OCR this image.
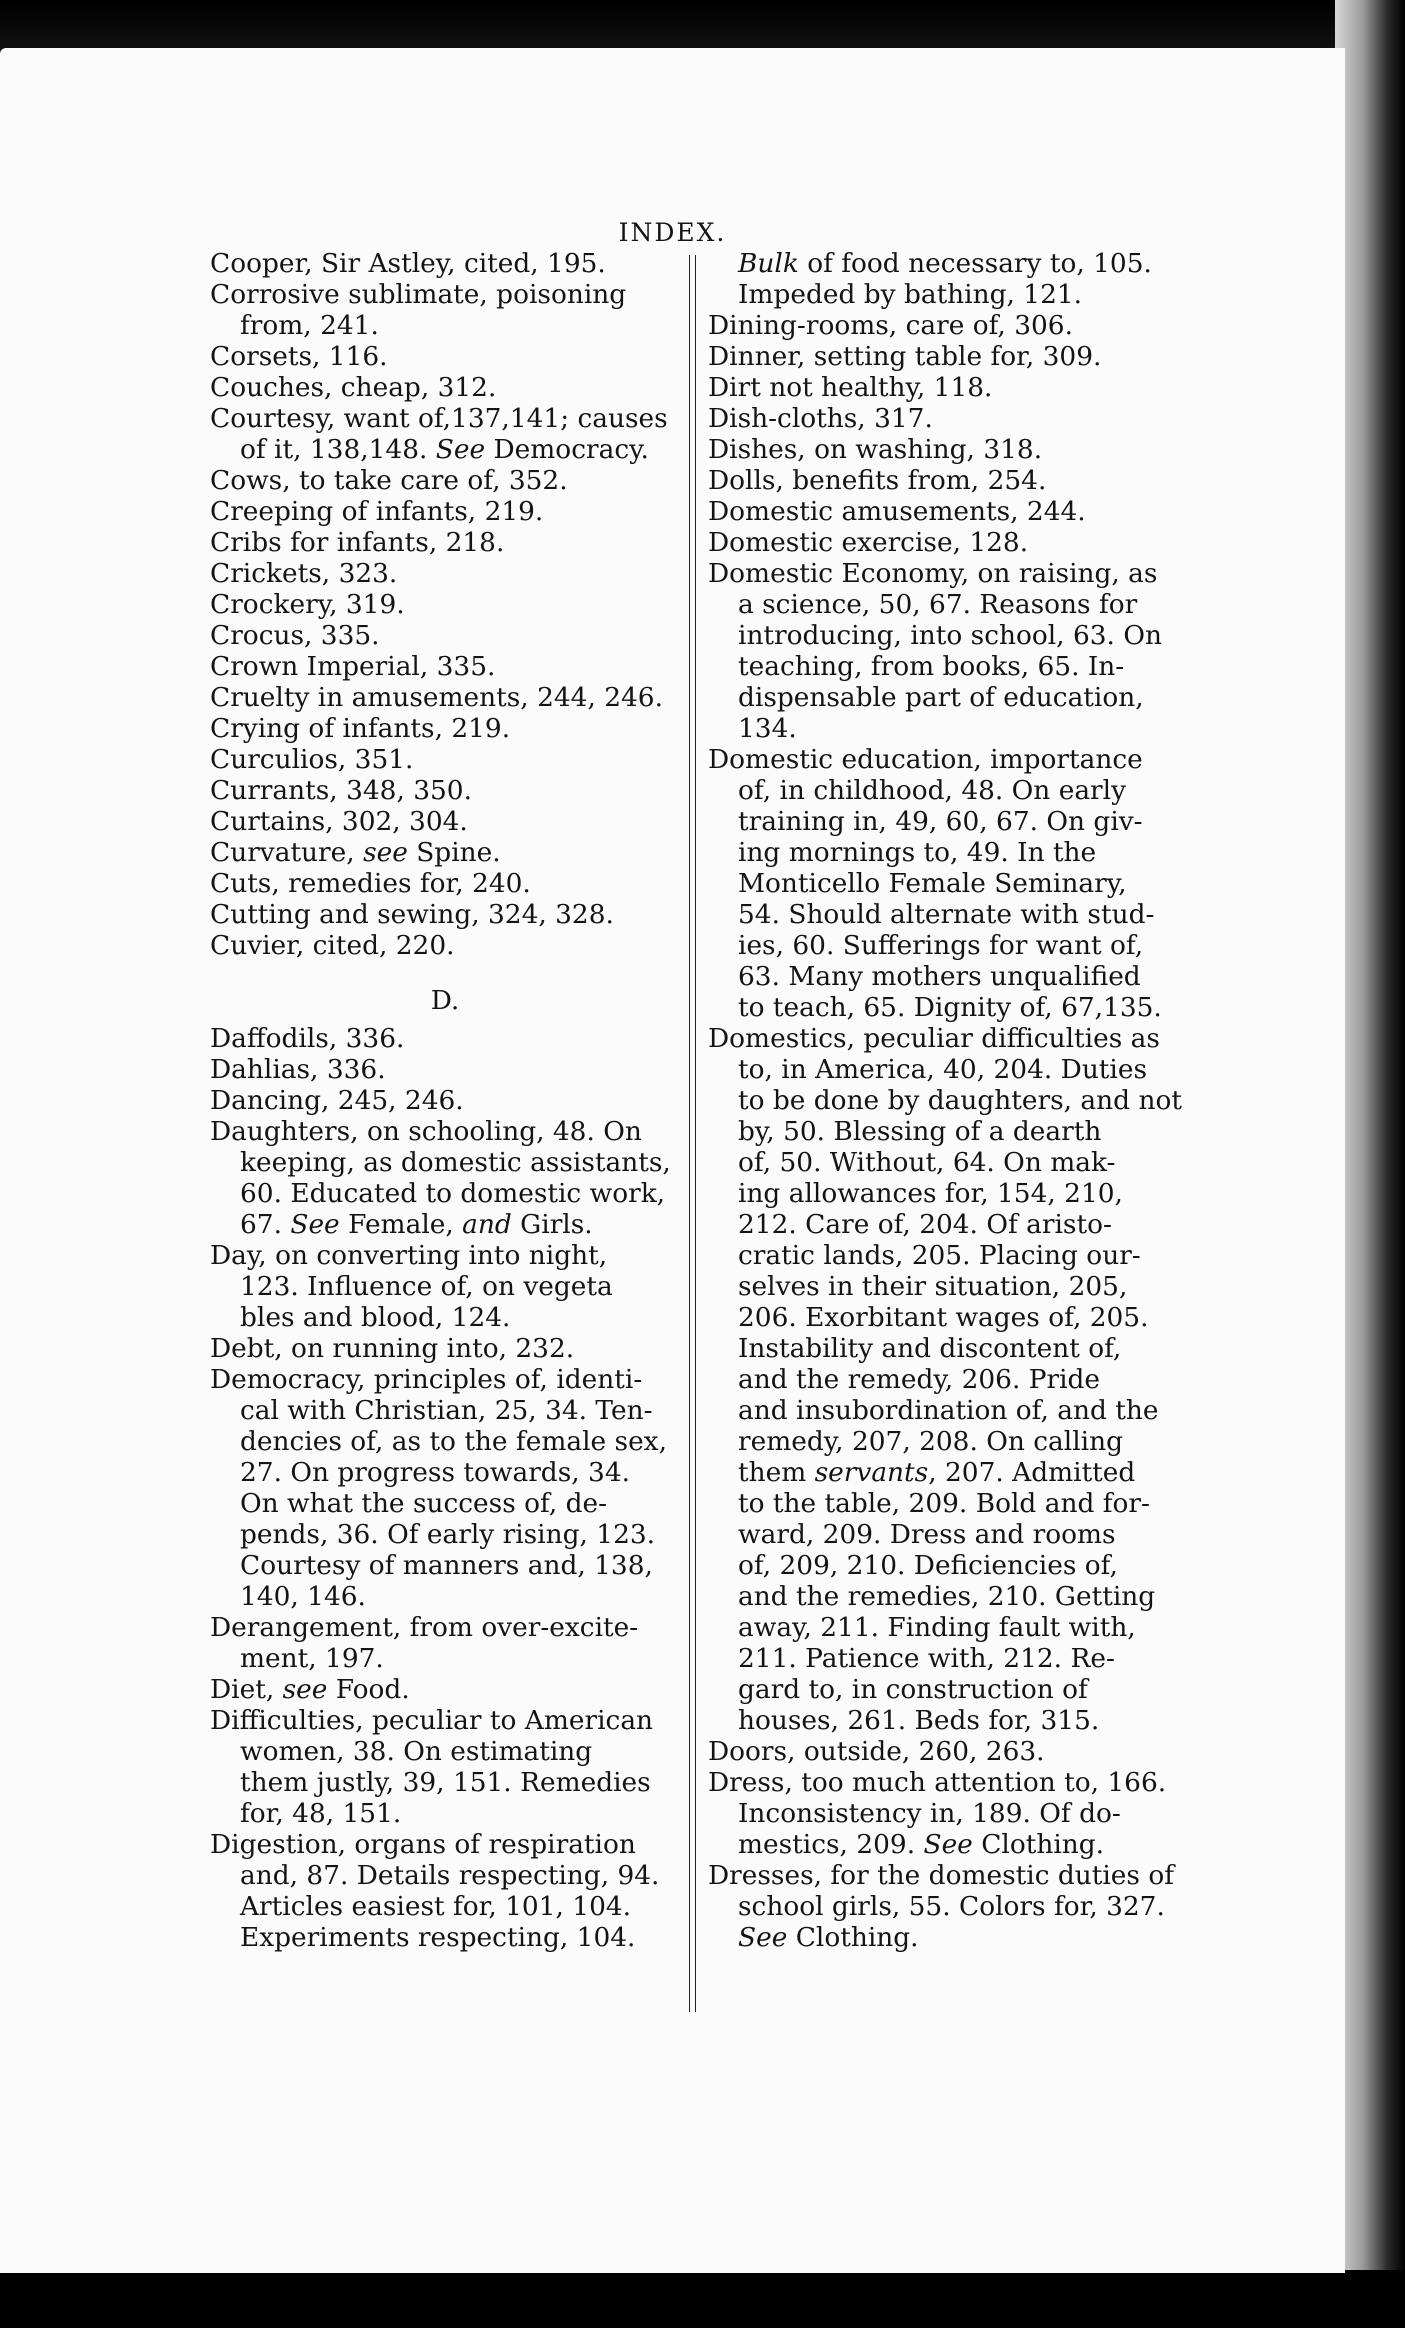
INDEX.
Cooper, Sir Astley, cited, 195.
Corrosive sublimate, poisoning
from, 241.
Corsets, 116.
Couches, cheap, 312.
Courtesy, want of,137,141; causes
of it, 138,148. See Democracy.
Cows, to take care of, 352.
Creeping of infants, 219.
Cribs for infants, 218.
Crickets, 323.
Crockery, 319.
Crocus, 335.
Crown Imperial, 335.
Cruelty in amusements, 244, 246.
Crying of infants, 219.
Curculios, 351.
Currants, 348, 350.
Curtains, 302, 304.
Curvature, see Spine.
Cuts, remedies for, 240.
Cutting and sewing, 324, 328.
Cuvier, cited, 220.
D.
Daffodils, 336.
Dahlias, 336.
Dancing, 245, 246.
Daughters, on schooling, 48. On
keeping, as domestic assistants,
60. Educated to domestic work,
67. See Female, and Girls.
Day, on converting into night,
123. Influence of, on vegeta
bles and blood, 124.
Debt, on running into, 232.
Democracy, principles of, identi-
cal with Christian, 25, 34. Ten-
dencies of, as to the female sex,
27. On progress towards, 34.
On what the success of, de-
pends, 36. Of early rising, 123.
Courtesy of manners and, 138,
140, 146.
Derangement, from over-excite-
ment, 197.
Diet, see Food.
Difficulties, peculiar to American
women, 38. On estimating
them justly, 39, 151. Remedies
for, 48, 151.
Digestion, organs of respiration
and, 87. Details respecting, 94.
Articles easiest for, 101, 104.
Experiments respecting, 104.
Bulk of food necessary to, 105.
Impeded by bathing, 121.
Dining-rooms, care of, 306.
Dinner, setting table for, 309.
Dirt not healthy, 118.
Dish-cloths, 317.
Dishes, on washing, 318.
Dolls, benefits from, 254.
Domestic amusements, 244.
Domestic exercise, 128.
Domestic Economy, on raising, as
a science, 50, 67. Reasons for
introducing, into school, 63. On
teaching, from books, 65. In-
dispensable part of education,
134.
Domestic education, importance
of, in childhood, 48. On early
training in, 49, 60, 67. On giv-
ing mornings to, 49. In the
Monticello Female Seminary,
54. Should alternate with stud-
ies, 60. Sufferings for want of,
63. Many mothers unqualified
to teach, 65. Dignity of, 67,135.
Domestics, peculiar difficulties as
to, in America, 40, 204. Duties
to be done by daughters, and not
by, 50. Blessing of a dearth
of, 50. Without, 64. On mak-
ing allowances for, 154, 210,
212. Care of, 204. Of aristo-
cratic lands, 205. Placing our-
selves in their situation, 205,
206. Exorbitant wages of, 205.
Instability and discontent of,
and the remedy, 206. Pride
and insubordination of, and the
remedy, 207, 208. On calling
them servants, 207. Admitted
to the table, 209. Bold and for-
ward, 209. Dress and rooms
of, 209, 210. Deficiencies of,
and the remedies, 210. Getting
away, 211. Finding fault with,
211. Patience with, 212. Re-
gard to, in construction of
houses, 261. Beds for, 315.
Doors, outside, 260, 263.
Dress, too much attention to, 166.
Inconsistency in, 189. Of do-
mestics, 209. See Clothing.
Dresses, for the domestic duties of
school girls, 55. Colors for, 327.
See Clothing.
